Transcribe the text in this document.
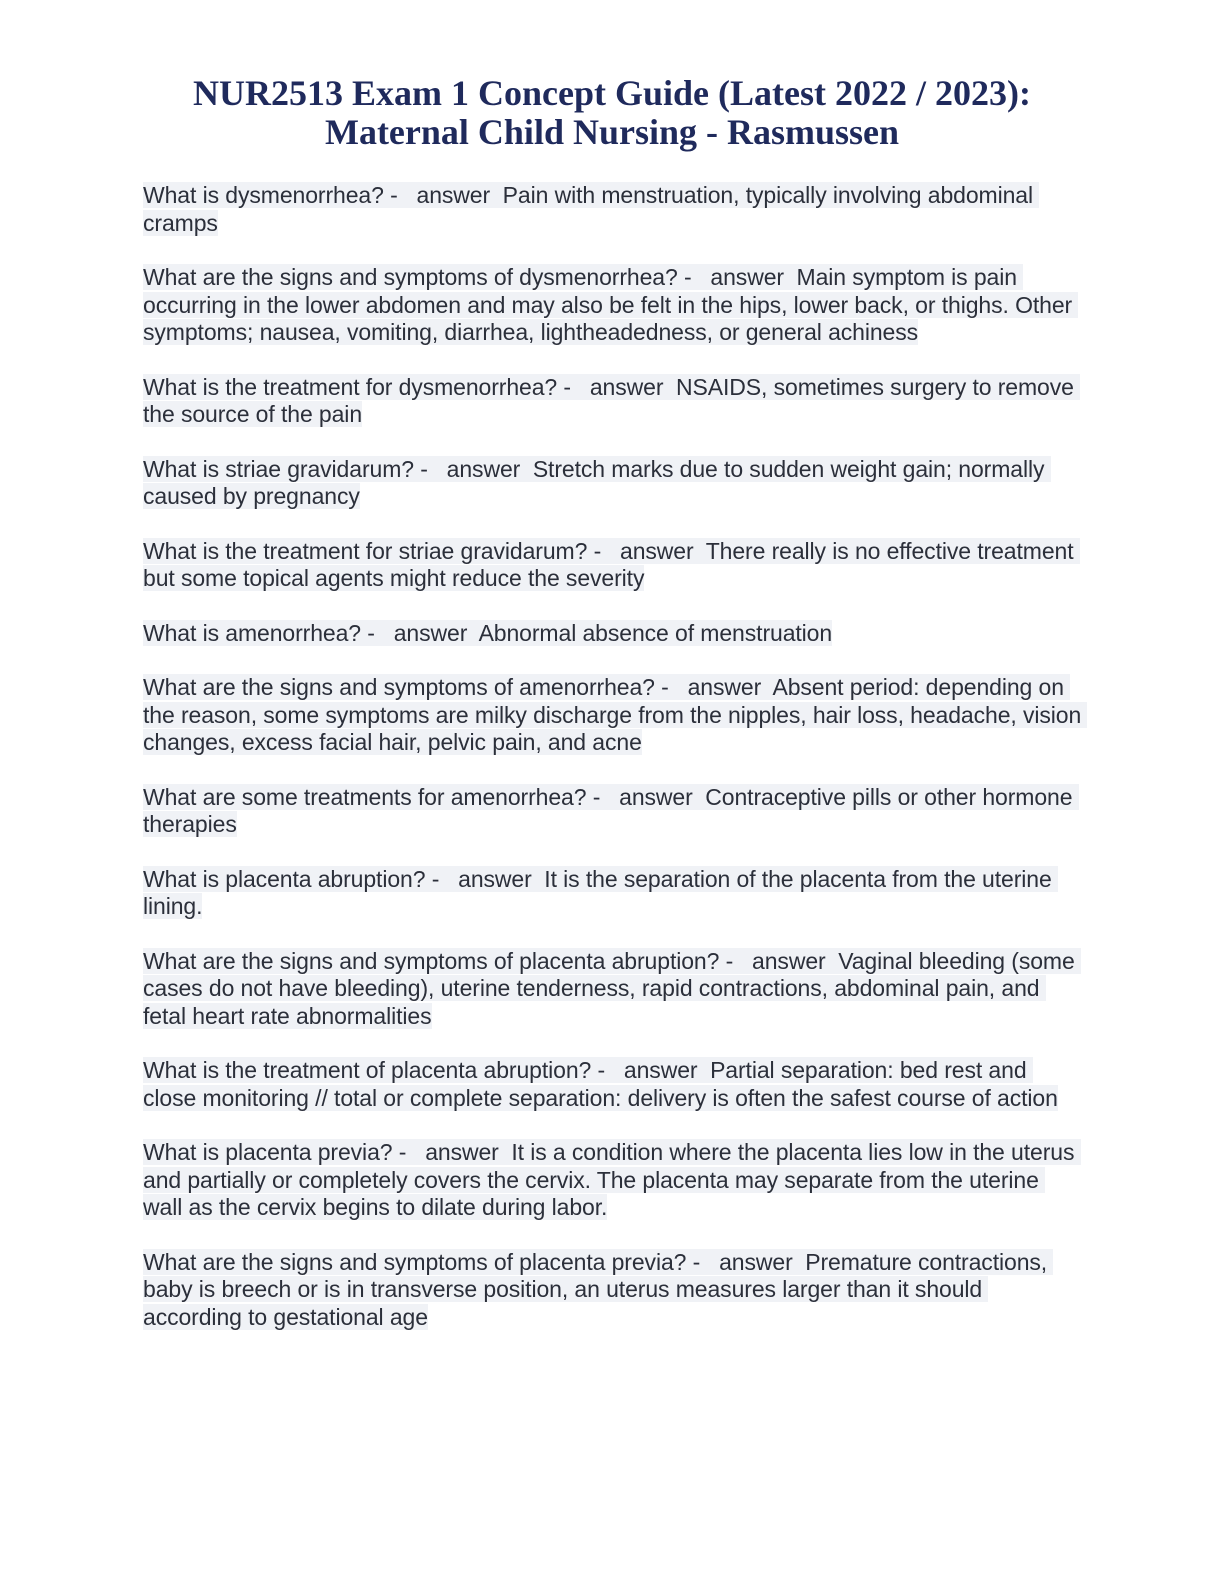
NUR2513 Exam 1 Concept Guide (Latest 2022 / 2023):
Maternal Child Nursing - Rasmussen
What is dysmenorrhea? -   answer  Pain with menstruation, typically involving abdominal cramps
What are the signs and symptoms of dysmenorrhea? -   answer  Main symptom is pain occurring in the lower abdomen and may also be felt in the hips, lower back, or thighs. Other symptoms; nausea, vomiting, diarrhea, lightheadedness, or general achiness
What is the treatment for dysmenorrhea? -   answer  NSAIDS, sometimes surgery to remove the source of the pain
What is striae gravidarum? -   answer  Stretch marks due to sudden weight gain; normally caused by pregnancy
What is the treatment for striae gravidarum? -   answer  There really is no effective treatment but some topical agents might reduce the severity
What is amenorrhea? -   answer  Abnormal absence of menstruation
What are the signs and symptoms of amenorrhea? -   answer  Absent period: depending on the reason, some symptoms are milky discharge from the nipples, hair loss, headache, vision changes, excess facial hair, pelvic pain, and acne
What are some treatments for amenorrhea? -   answer  Contraceptive pills or other hormone therapies
What is placenta abruption? -   answer  It is the separation of the placenta from the uterine lining.
What are the signs and symptoms of placenta abruption? -   answer  Vaginal bleeding (some cases do not have bleeding), uterine tenderness, rapid contractions, abdominal pain, and fetal heart rate abnormalities
What is the treatment of placenta abruption? -   answer  Partial separation: bed rest and close monitoring // total or complete separation: delivery is often the safest course of action
What is placenta previa? -   answer  It is a condition where the placenta lies low in the uterus and partially or completely covers the cervix. The placenta may separate from the uterine wall as the cervix begins to dilate during labor.
What are the signs and symptoms of placenta previa? -   answer  Premature contractions, baby is breech or is in transverse position, an uterus measures larger than it should according to gestational age
